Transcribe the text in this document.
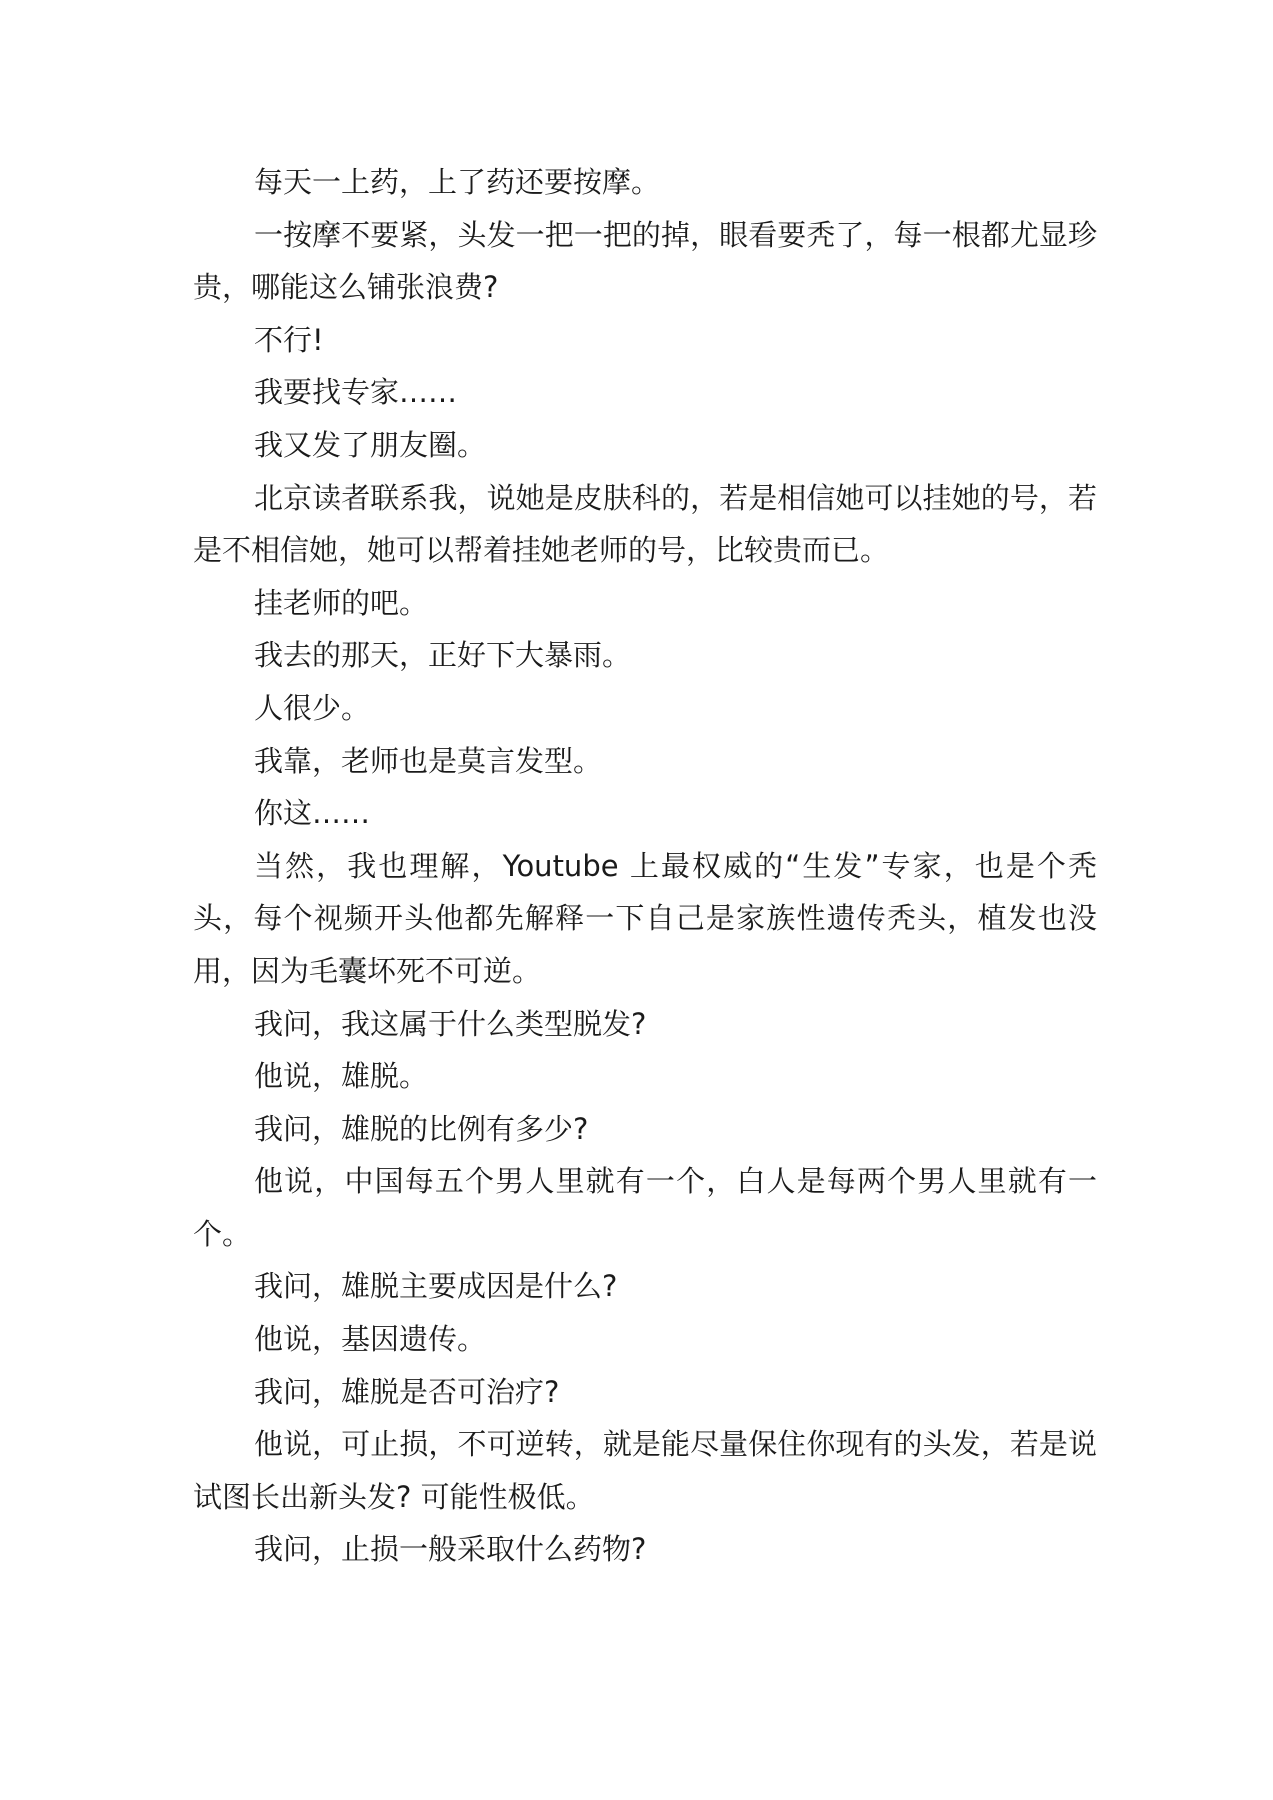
每天一上药，上了药还要按摩。

一按摩不要紧，头发一把一把的掉，眼看要秃了，每一根都尤显珍贵，哪能这么铺张浪费?

不行!

我要找专家……

我又发了朋友圈。

北京读者联系我，说她是皮肤科的，若是相信她可以挂她的号，若是不相信她，她可以帮着挂她老师的号，比较贵而已。

挂老师的吧。

我去的那天，正好下大暴雨。

人很少。

我靠，老师也是莫言发型。

你这……

当然，我也理解，Youtube 上最权威的“生发”专家，也是个秃头，每个视频开头他都先解释一下自己是家族性遗传秃头，植发也没用，因为毛囊坏死不可逆。

我问，我这属于什么类型脱发?

他说，雄脱。

我问，雄脱的比例有多少?

他说，中国每五个男人里就有一个，白人是每两个男人里就有一个。

我问，雄脱主要成因是什么?

他说，基因遗传。

我问，雄脱是否可治疗?

他说，可止损，不可逆转，就是能尽量保住你现有的头发，若是说试图长出新头发? 可能性极低。

我问，止损一般采取什么药物?
